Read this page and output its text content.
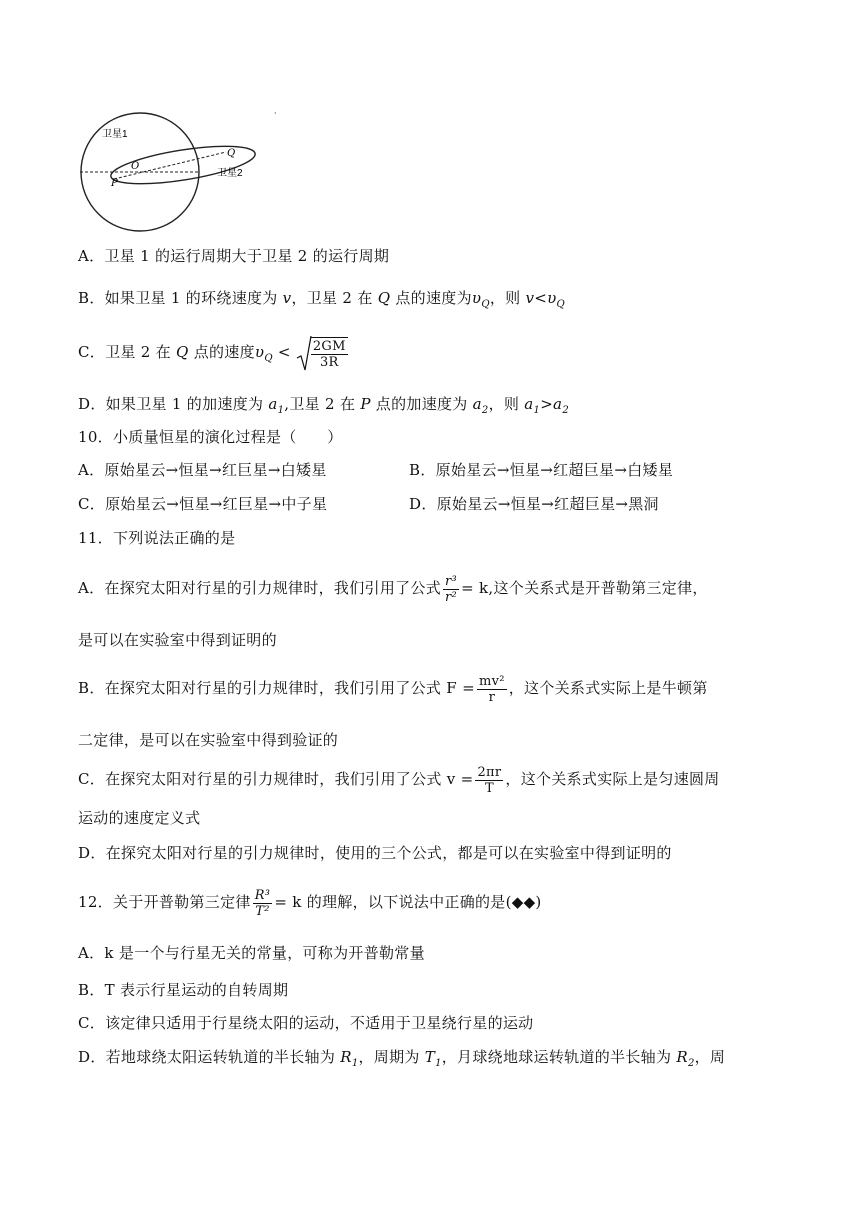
卫星1
卫星2
Q
O
P
·
A．卫星 1 的运行周期大于卫星 2 的运行周期
B．如果卫星 1 的环绕速度为 v，卫星 2 在 Q 点的速度为$\upsilon_Q$，则 $v<\upsilon_Q$
C．卫星 2 在 Q 点的速度$\upsilon_Q < \frac{2GM}{3R}$
D．如果卫星 1 的加速度为 $a_1$,卫星 2 在 P 点的加速度为 $a_2$，则 $a_1>a_2$
10．小质量恒星的演化过程是（　　）
A．原始星云→恒星→红巨星→白矮星	B．原始星云→恒星→红超巨星→白矮星
C．原始星云→恒星→红巨星→中子星	D．原始星云→恒星→红超巨星→黑洞
11．下列说法正确的是
A．在探究太阳对行星的引力规律时，我们引用了公式 $\frac{\text{r³}}{\text{r²}} = k$,这个关系式是开普勒第三定律，
是可以在实验室中得到证明的
B．在探究太阳对行星的引力规律时，我们引用了公式 $F = \frac{\text{mv²}}{r}$ ，这个关系式实际上是牛顿第
二定律，是可以在实验室中得到验证的
C．在探究太阳对行星的引力规律时，我们引用了公式 $v = \frac{2\pi r}{T}$ ，这个关系式实际上是匀速圆周
运动的速度定义式
D．在探究太阳对行星的引力规律时，使用的三个公式，都是可以在实验室中得到证明的
12．关于开普勒第三定律 $\frac{\text{R³}}{\text{T²}} = k$ 的理解，以下说法中正确的是(◆◆)
A．k 是一个与行星无关的常量，可称为开普勒常量
B．T 表示行星运动的自转周期
C．该定律只适用于行星绕太阳的运动，不适用于卫星绕行星的运动
D．若地球绕太阳运转轨道的半长轴为 $R_1$，周期为 $T_1$，月球绕地球运转轨道的半长轴为 $R_2$，周
